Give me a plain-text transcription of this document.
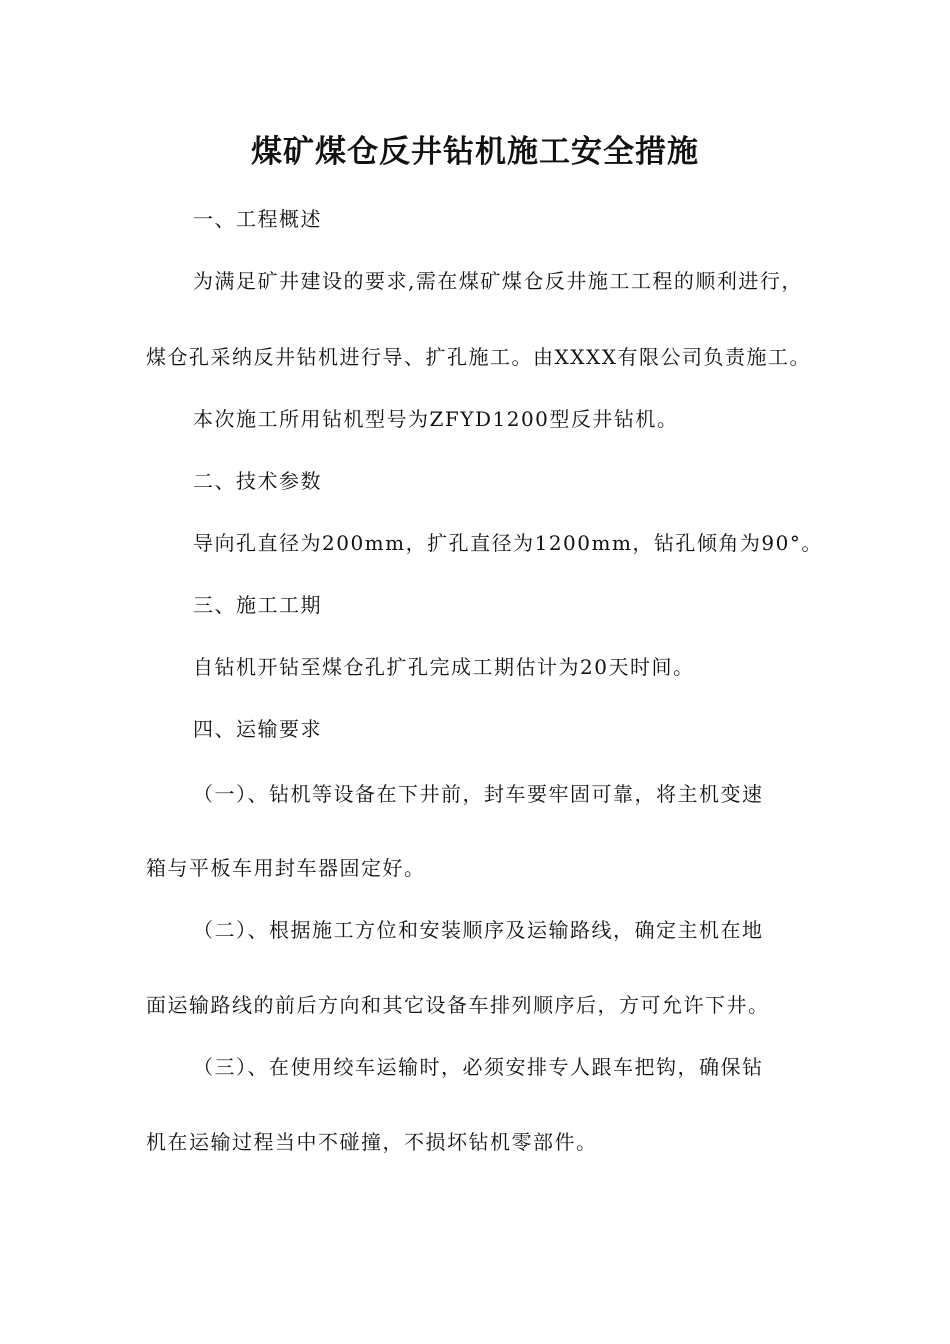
煤矿煤仓反井钻机施工安全措施
一、工程概述
为满足矿井建设的要求,需在煤矿煤仓反井施工工程的顺利进行，
煤仓孔采纳反井钻机进行导、扩孔施工。由XXXX有限公司负责施工。
本次施工所用钻机型号为ZFYD1200型反井钻机。
二、技术参数
导向孔直径为200mm，扩孔直径为1200mm，钻孔倾角为90°。
三、施工工期
自钻机开钻至煤仓孔扩孔完成工期估计为20天时间。
四、运输要求
（一）、钻机等设备在下井前，封车要牢固可靠，将主机变速
箱与平板车用封车器固定好。
（二）、根据施工方位和安装顺序及运输路线，确定主机在地
面运输路线的前后方向和其它设备车排列顺序后，方可允许下井。
（三）、在使用绞车运输时，必须安排专人跟车把钩，确保钻
机在运输过程当中不碰撞，不损坏钻机零部件。
